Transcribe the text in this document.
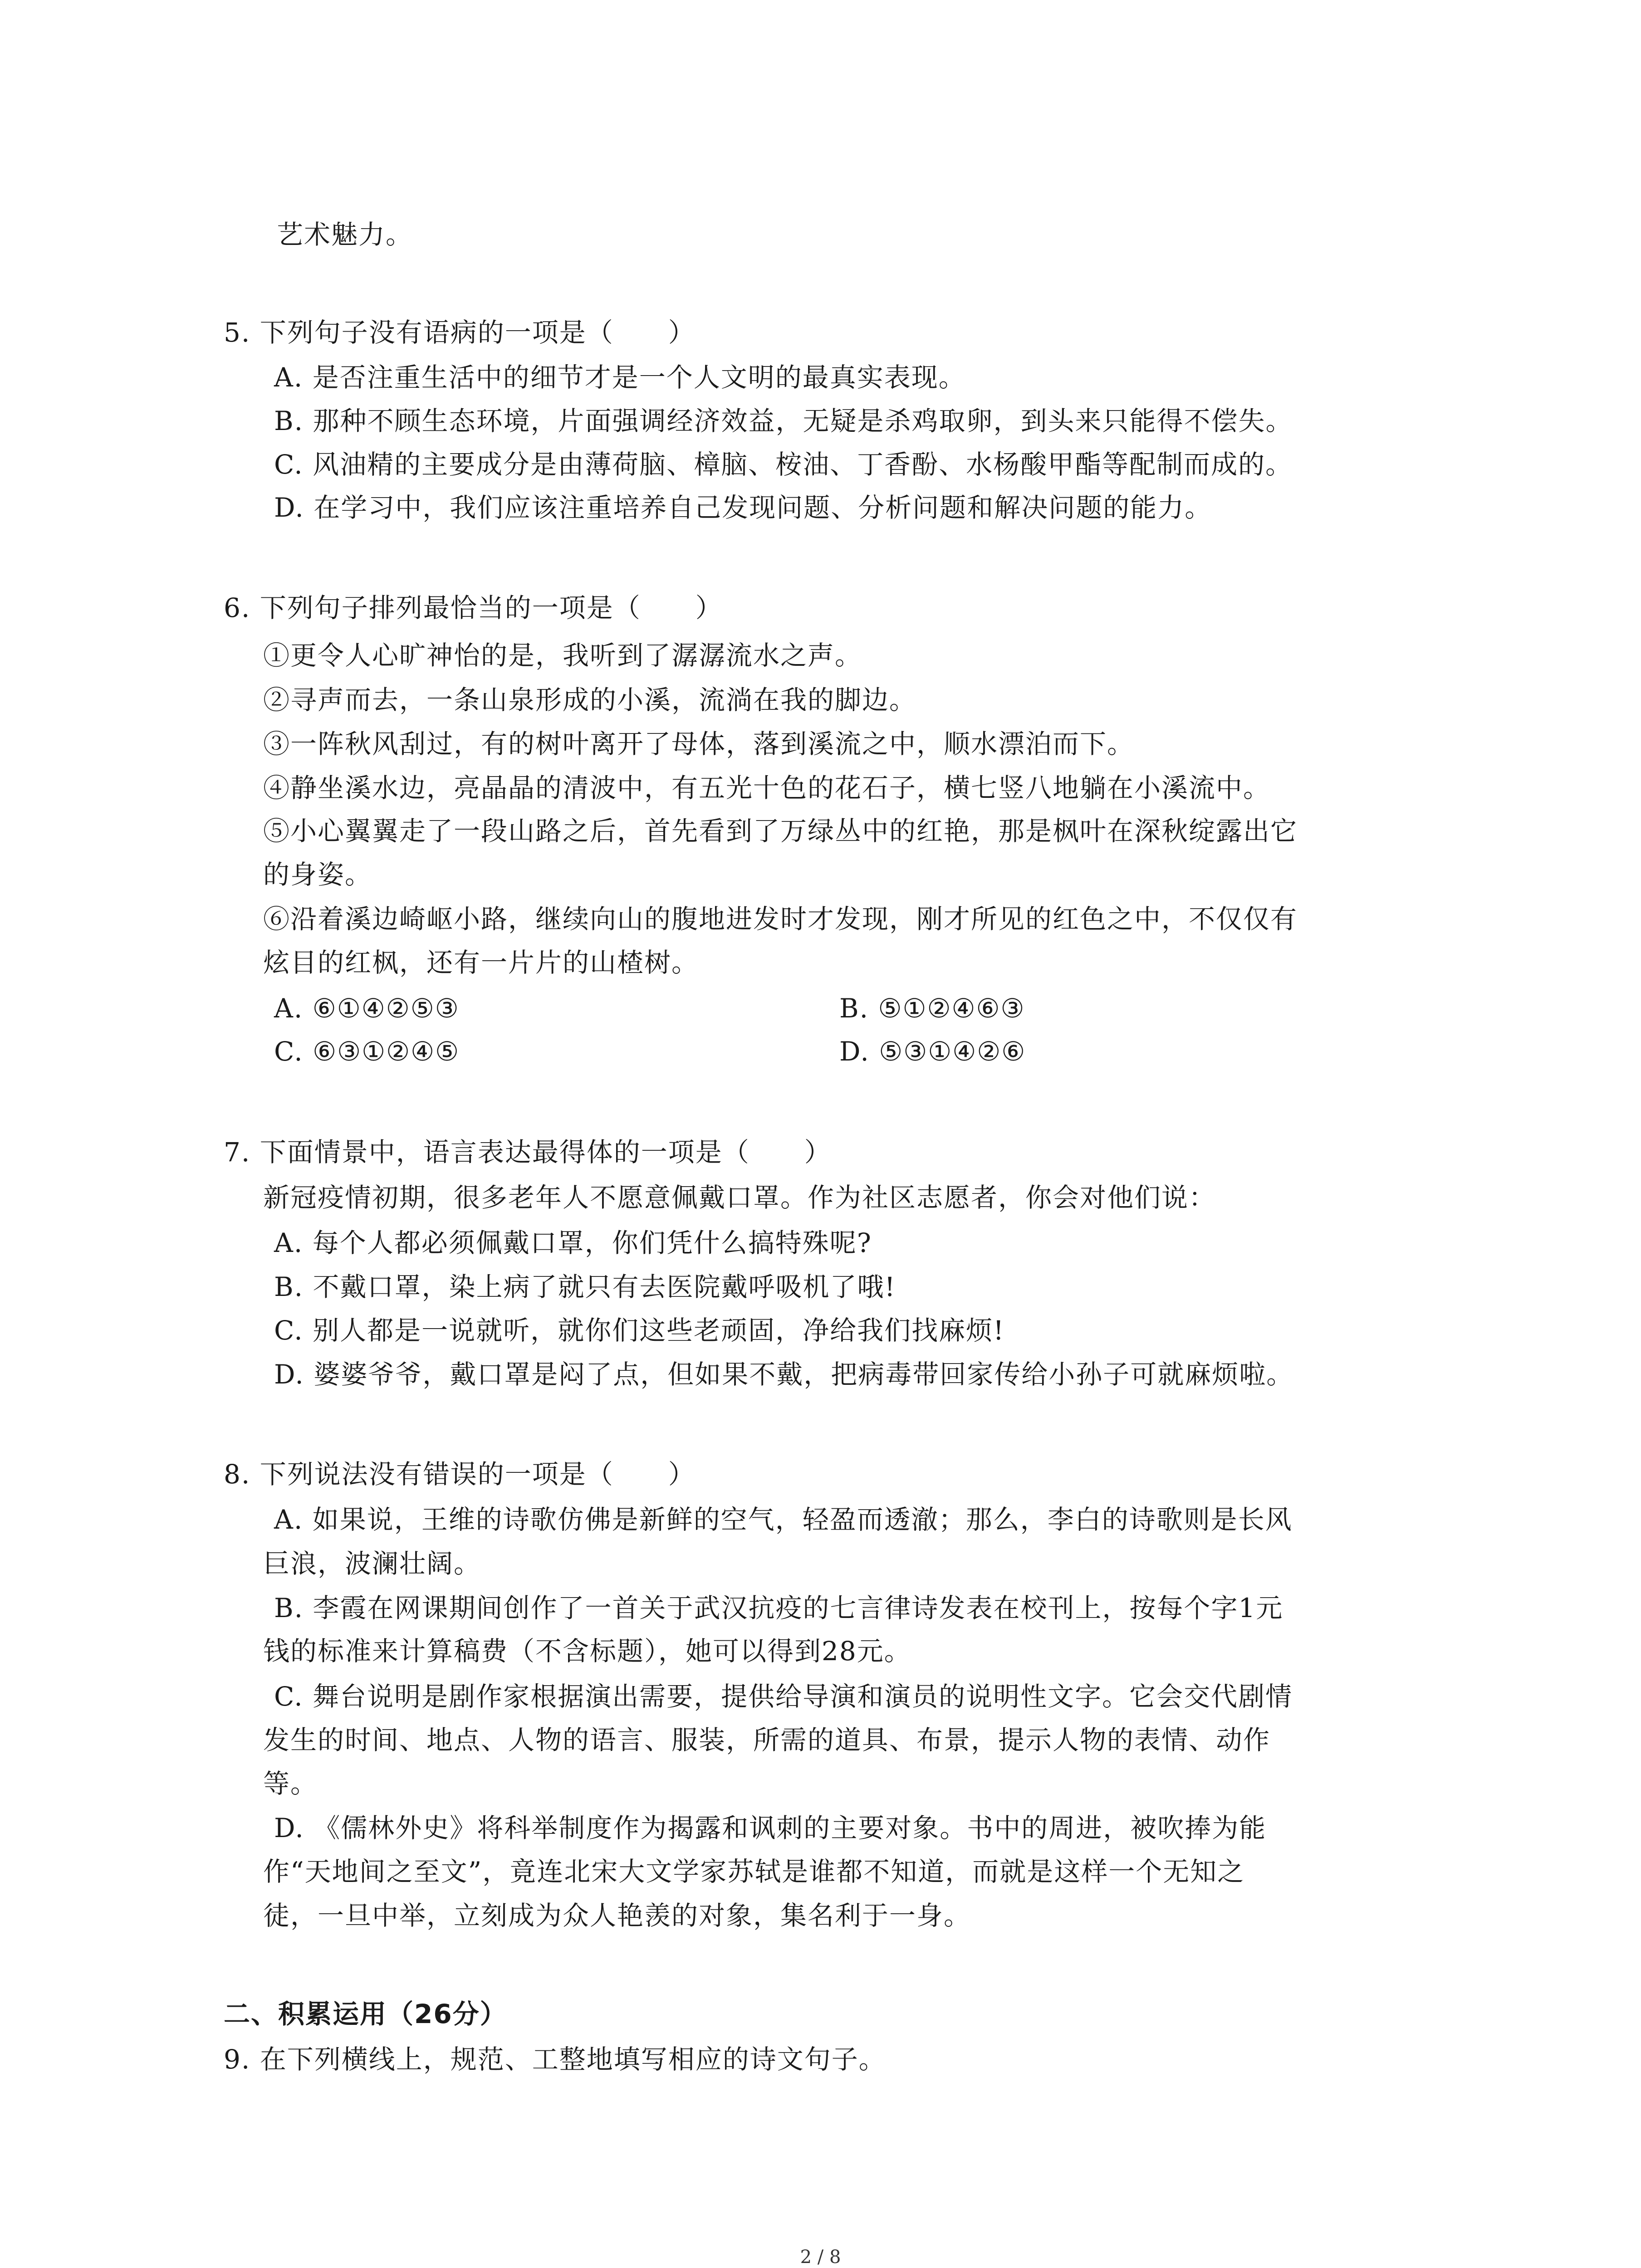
艺术魅力。
5. 下列句子没有语病的一项是（　　）
A. 是否注重生活中的细节才是一个人文明的最真实表现。
B. 那种不顾生态环境，片面强调经济效益，无疑是杀鸡取卵，到头来只能得不偿失。
C. 风油精的主要成分是由薄荷脑、樟脑、桉油、丁香酚、水杨酸甲酯等配制而成的。
D. 在学习中，我们应该注重培养自己发现问题、分析问题和解决问题的能力。
6. 下列句子排列最恰当的一项是（　　）
①更令人心旷神怡的是，我听到了潺潺流水之声。
②寻声而去，一条山泉形成的小溪，流淌在我的脚边。
③一阵秋风刮过，有的树叶离开了母体，落到溪流之中，顺水漂泊而下。
④静坐溪水边，亮晶晶的清波中，有五光十色的花石子，横七竖八地躺在小溪流中。
⑤小心翼翼走了一段山路之后，首先看到了万绿丛中的红艳，那是枫叶在深秋绽露出它
的身姿。
⑥沿着溪边崎岖小路，继续向山的腹地进发时才发现，刚才所见的红色之中，不仅仅有
炫目的红枫，还有一片片的山楂树。
A. ⑥①④②⑤③	B. ⑤①②④⑥③
C. ⑥③①②④⑤	D. ⑤③①④②⑥
7. 下面情景中，语言表达最得体的一项是（　　）
新冠疫情初期，很多老年人不愿意佩戴口罩。作为社区志愿者，你会对他们说：
A. 每个人都必须佩戴口罩，你们凭什么搞特殊呢?
B. 不戴口罩，染上病了就只有去医院戴呼吸机了哦!
C. 别人都是一说就听，就你们这些老顽固，净给我们找麻烦!
D. 婆婆爷爷，戴口罩是闷了点，但如果不戴，把病毒带回家传给小孙子可就麻烦啦。
8. 下列说法没有错误的一项是（　　）
A. 如果说，王维的诗歌仿佛是新鲜的空气，轻盈而透澈；那么，李白的诗歌则是长风
巨浪，波澜壮阔。
B. 李霞在网课期间创作了一首关于武汉抗疫的七言律诗发表在校刊上，按每个字1元
钱的标准来计算稿费（不含标题），她可以得到28元。
C. 舞台说明是剧作家根据演出需要，提供给导演和演员的说明性文字。它会交代剧情
发生的时间、地点、人物的语言、服装，所需的道具、布景，提示人物的表情、动作
等。
D. 《儒林外史》将科举制度作为揭露和讽刺的主要对象。书中的周进，被吹捧为能
作“天地间之至文”，竟连北宋大文学家苏轼是谁都不知道，而就是这样一个无知之
徒，一旦中举，立刻成为众人艳羡的对象，集名利于一身。
二、积累运用（26分）
9. 在下列横线上，规范、工整地填写相应的诗文句子。
2 / 8
